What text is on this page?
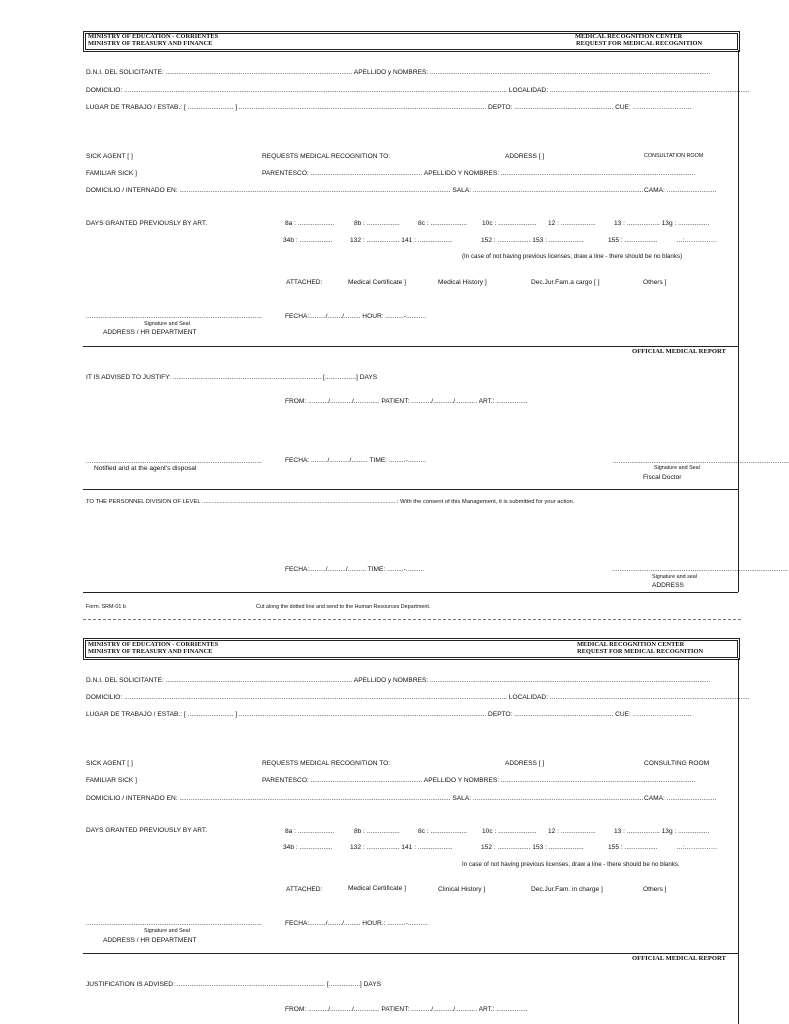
MINISTRY OF EDUCATION - CORRIENTES
MINISTRY OF TREASURY AND FINANCE
MEDICAL RECOGNITION CENTER
REQUEST FOR MEDICAL RECOGNITION
D.N.I. DEL SOLICITANTE: ...................................................................................................... APELLIDO y NOMBRES: .........................................................................................................................................................
DOMICILIO: ................................................................................................................................................................................................................. LOCALIDAD: .............................................................................................................
LUGAR DE TRABAJO / ESTAB.: [ ......................... ] ....................................................................................................................................... DEPTO: ...................................................... CUE: ………………………
SICK AGENT [ ]	REQUESTS MEDICAL RECOGNITION TO:	ADDRESS [ ]	CONSULTATION ROOM
FAMILIAR SICK ]	PARENTESCO: ............................................................. APELLIDO Y NOMBRES: ..........................................................................................................
DOMICILIO / INTERNADO EN: .................................................................................................................................................... SALA: ............................................................................................. CAMA: ...........................
DAYS GRANTED PREVIOUSLY BY ART.	8a : ....................	8b : ..................	8c : .................... 10c : ..................... 12 : ...................	13 : .................. 13g : .................
34b : ..................	132 : .................. 141 : ...................	152 : .................. 153 : ...................	155 : ..................	…:……………
(In case of not having previous licenses, draw a line - there should be no blanks)
ATTACHED:	Medical Certificate ]	Medical History ]	Dec.Jur.Fam.a cargo [ ]	Others ]
................................................................................................
Signature and Seal
ADDRESS / HR DEPARTMENT
FECHA:........./......../......... HOUR: ..........-...........
OFFICIAL MEDICAL REPORT
IT IS ADVISED TO JUSTIFY: ................................................................................. [.................] DAYS
FROM: .........../............/.............. PATIENT: .........../.........../............ ART.: .................
................................................................................................
Notified and at the agent's disposal
FECHA: ........./.........../......... TIME: .........-..........	................................................................................................
Signature and Seal
Fiscal Doctor
TO THE PERSONNEL DIVISION OF LEVEL .........................................................................................................................: With the consent of this Management, it is submitted for your action.
FECHA:........./........../.......... TIME: .........-..........	................................................................................................
Signature and seal
ADDRESS
Form. SRM-01 b	Cut along the dotted line and send to the Human Resources Department.
MINISTRY OF EDUCATION - CORRIENTES
MINISTRY OF TREASURY AND FINANCE
MEDICAL RECOGNITION CENTER
REQUEST FOR MEDICAL RECOGNITION
D.N.I. DEL SOLICITANTE: ...................................................................................................... APELLIDO y NOMBRES: .........................................................................................................................................................
DOMICILIO: ................................................................................................................................................................................................................. LOCALIDAD: .............................................................................................................
LUGAR DE TRABAJO / ESTAB.: [ ......................... ] ....................................................................................................................................... DEPTO: ...................................................... CUE: ………………………
SICK AGENT [ ]	REQUESTS MEDICAL RECOGNITION TO:	ADDRESS [ ]	CONSULTING ROOM
FAMILIAR SICK ]	PARENTESCO: ............................................................. APELLIDO Y NOMBRES: ..........................................................................................................
DOMICILIO / INTERNADO EN: .................................................................................................................................................... SALA: ............................................................................................. CAMA: ...........................
DAYS GRANTED PREVIOUSLY BY ART.	8a : ....................	8b : ..................	8c : .................... 10c : ..................... 12 : ...................	13 : .................. 13g : .................
34b : ..................	132 : .................. 141 : ...................	152 : .................. 153 : ...................	155 : ..................	…:……………
In case of not having previous licenses, draw a line - there should be no blanks.
ATTACHED:	Medical Certificate ]	Clinical History ]	Dec.Jur.Fam. in charge ]	Others ]
................................................................................................
Signature and Seal
ADDRESS / HR DEPARTMENT
FECHA:........./......../......... HOUR.: ..........-...........
OFFICIAL MEDICAL REPORT
JUSTIFICATION IS ADVISED: ................................................................................. [.................] DAYS
FROM: .........../............/.............. PATIENT: .........../.........../............ ART.: .................
